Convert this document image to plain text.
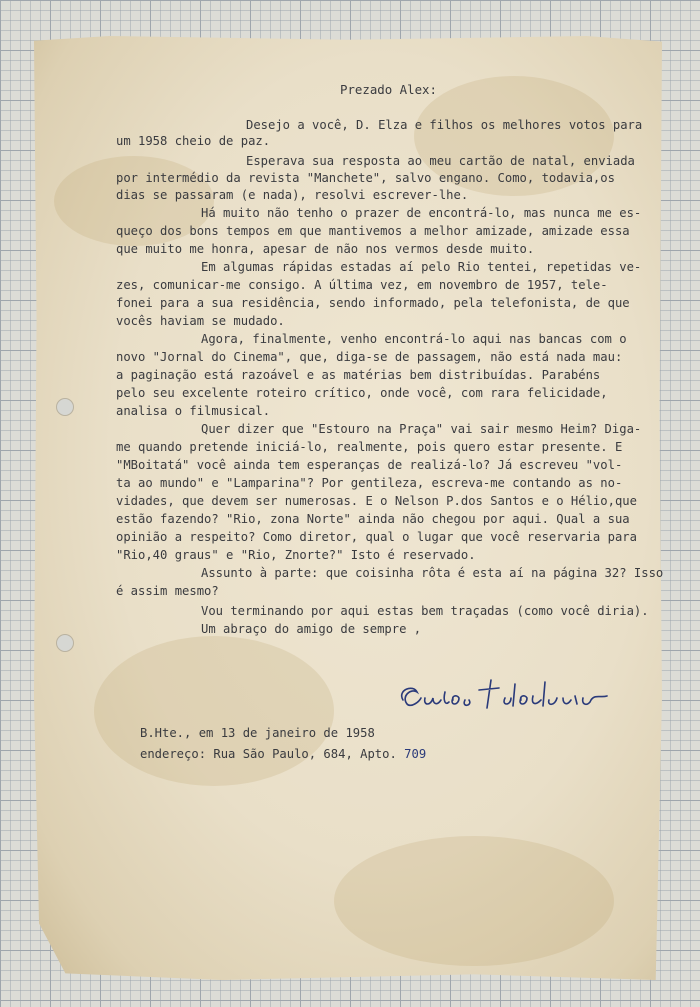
Prezado Alex:
Desejo a você, D. Elza e filhos os melhores votos para
um 1958 cheio de paz.
Esperava sua resposta ao meu cartão de natal, enviada
por intermédio da revista "Manchete", salvo engano. Como, todavia,os
dias se passaram (e nada), resolvi escrever-lhe.
Há muito não tenho o prazer de encontrá-lo, mas nunca me es-
queço dos bons tempos em que mantivemos a melhor amizade, amizade essa
que muito me honra, apesar de não nos vermos desde muito.
Em algumas rápidas estadas aí pelo Rio tentei, repetidas ve-
zes, comunicar-me consigo. A última vez, em novembro de 1957, tele-
fonei para a sua residência, sendo informado, pela telefonista, de que
vocês haviam se mudado.
Agora, finalmente, venho encontrá-lo aqui nas bancas com o
novo "Jornal do Cinema", que, diga-se de passagem, não está nada mau:
a paginação está razoável e as matérias bem distribuídas. Parabéns
pelo seu excelente roteiro crítico, onde você, com rara felicidade,
analisa o filmusical.
Quer dizer que "Estouro na Praça" vai sair mesmo Heim? Diga-
me quando pretende iniciá-lo, realmente, pois quero estar presente. E
"MBoitatá" você ainda tem esperanças de realizá-lo? Já escreveu "vol-
ta ao mundo" e "Lamparina"? Por gentileza, escreva-me contando as no-
vidades, que devem ser numerosas. E o Nelson P.dos Santos e o Hélio,que
estão fazendo? "Rio, zona Norte" ainda não chegou por aqui. Qual a sua
opinião a respeito? Como diretor, qual o lugar que você reservaria para
"Rio,40 graus" e "Rio, Znorte?" Isto é reservado.
Assunto à parte: que coisinha rôta é esta aí na página 32? Isso
é assim mesmo?
Vou terminando por aqui estas bem traçadas (como você diria).
Um abraço do amigo de sempre ,
B.Hte., em 13 de janeiro de 1958
endereço: Rua São Paulo, 684, Apto. 709
